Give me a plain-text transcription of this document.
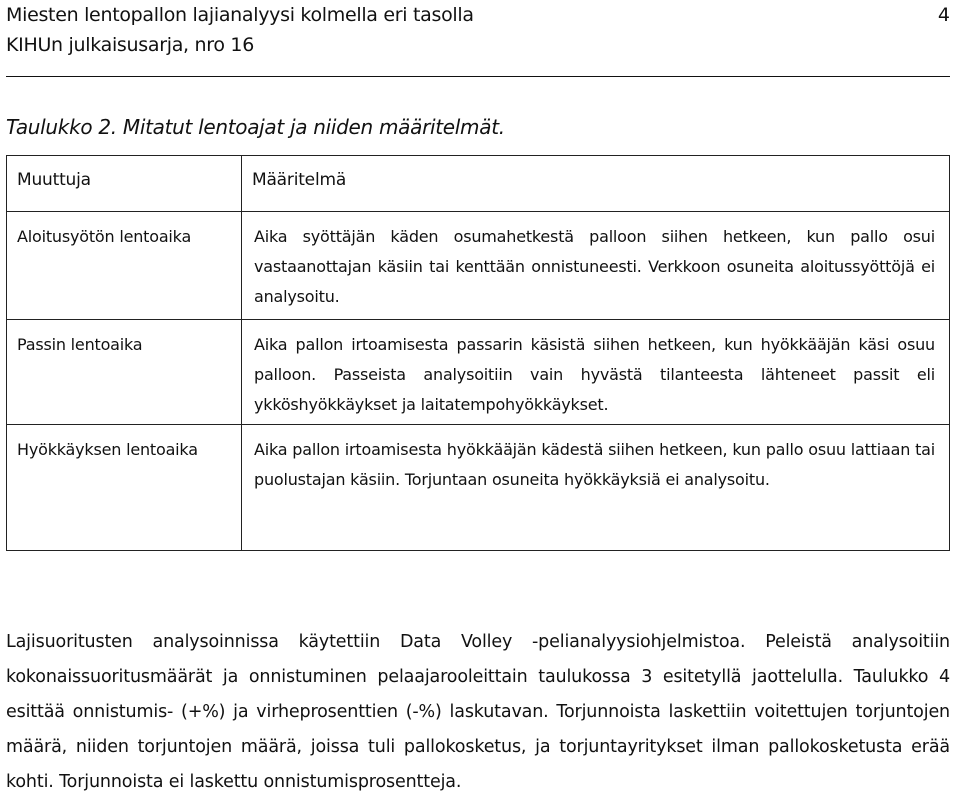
Miesten lentopallon lajianalyysi kolmella eri tasolla
KIHUn julkaisusarja, nro 16
4
Taulukko 2. Mitatut lentoajat ja niiden määritelmät.
Muuttuja	Määritelmä
Aloitusyötön lentoaika	Aika syöttäjän käden osumahetkestä palloon siihen hetkeen, kun pallo osui vastaanottajan käsiin tai kenttään onnistuneesti. Verkkoon osuneita aloitussyöttöjä ei analysoitu.
Passin lentoaika	Aika pallon irtoamisesta passarin käsistä siihen hetkeen, kun hyökkääjän käsi osuu palloon. Passeista analysoitiin vain hyvästä tilanteesta lähteneet passit eli ykköshyökkäykset ja laitatempohyökkäykset.
Hyökkäyksen lentoaika	Aika pallon irtoamisesta hyökkääjän kädestä siihen hetkeen, kun pallo osuu lattiaan tai puolustajan käsiin. Torjuntaan osuneita hyökkäyksiä ei analysoitu.
Lajisuoritusten analysoinnissa käytettiin Data Volley -pelianalyysiohjelmistoa. Peleistä analysoitiin kokonaissuoritusmäärät ja onnistuminen pelaajarooleittain taulukossa 3 esitetyllä jaottelulla. Taulukko 4 esittää onnistumis- (+%) ja virheprosenttien (-%) laskutavan. Torjunnoista laskettiin voitettujen torjuntojen määrä, niiden torjuntojen määrä, joissa tuli pallokosketus, ja torjuntayritykset ilman pallokosketusta erää kohti. Torjunnoista ei laskettu onnistumisprosentteja.
